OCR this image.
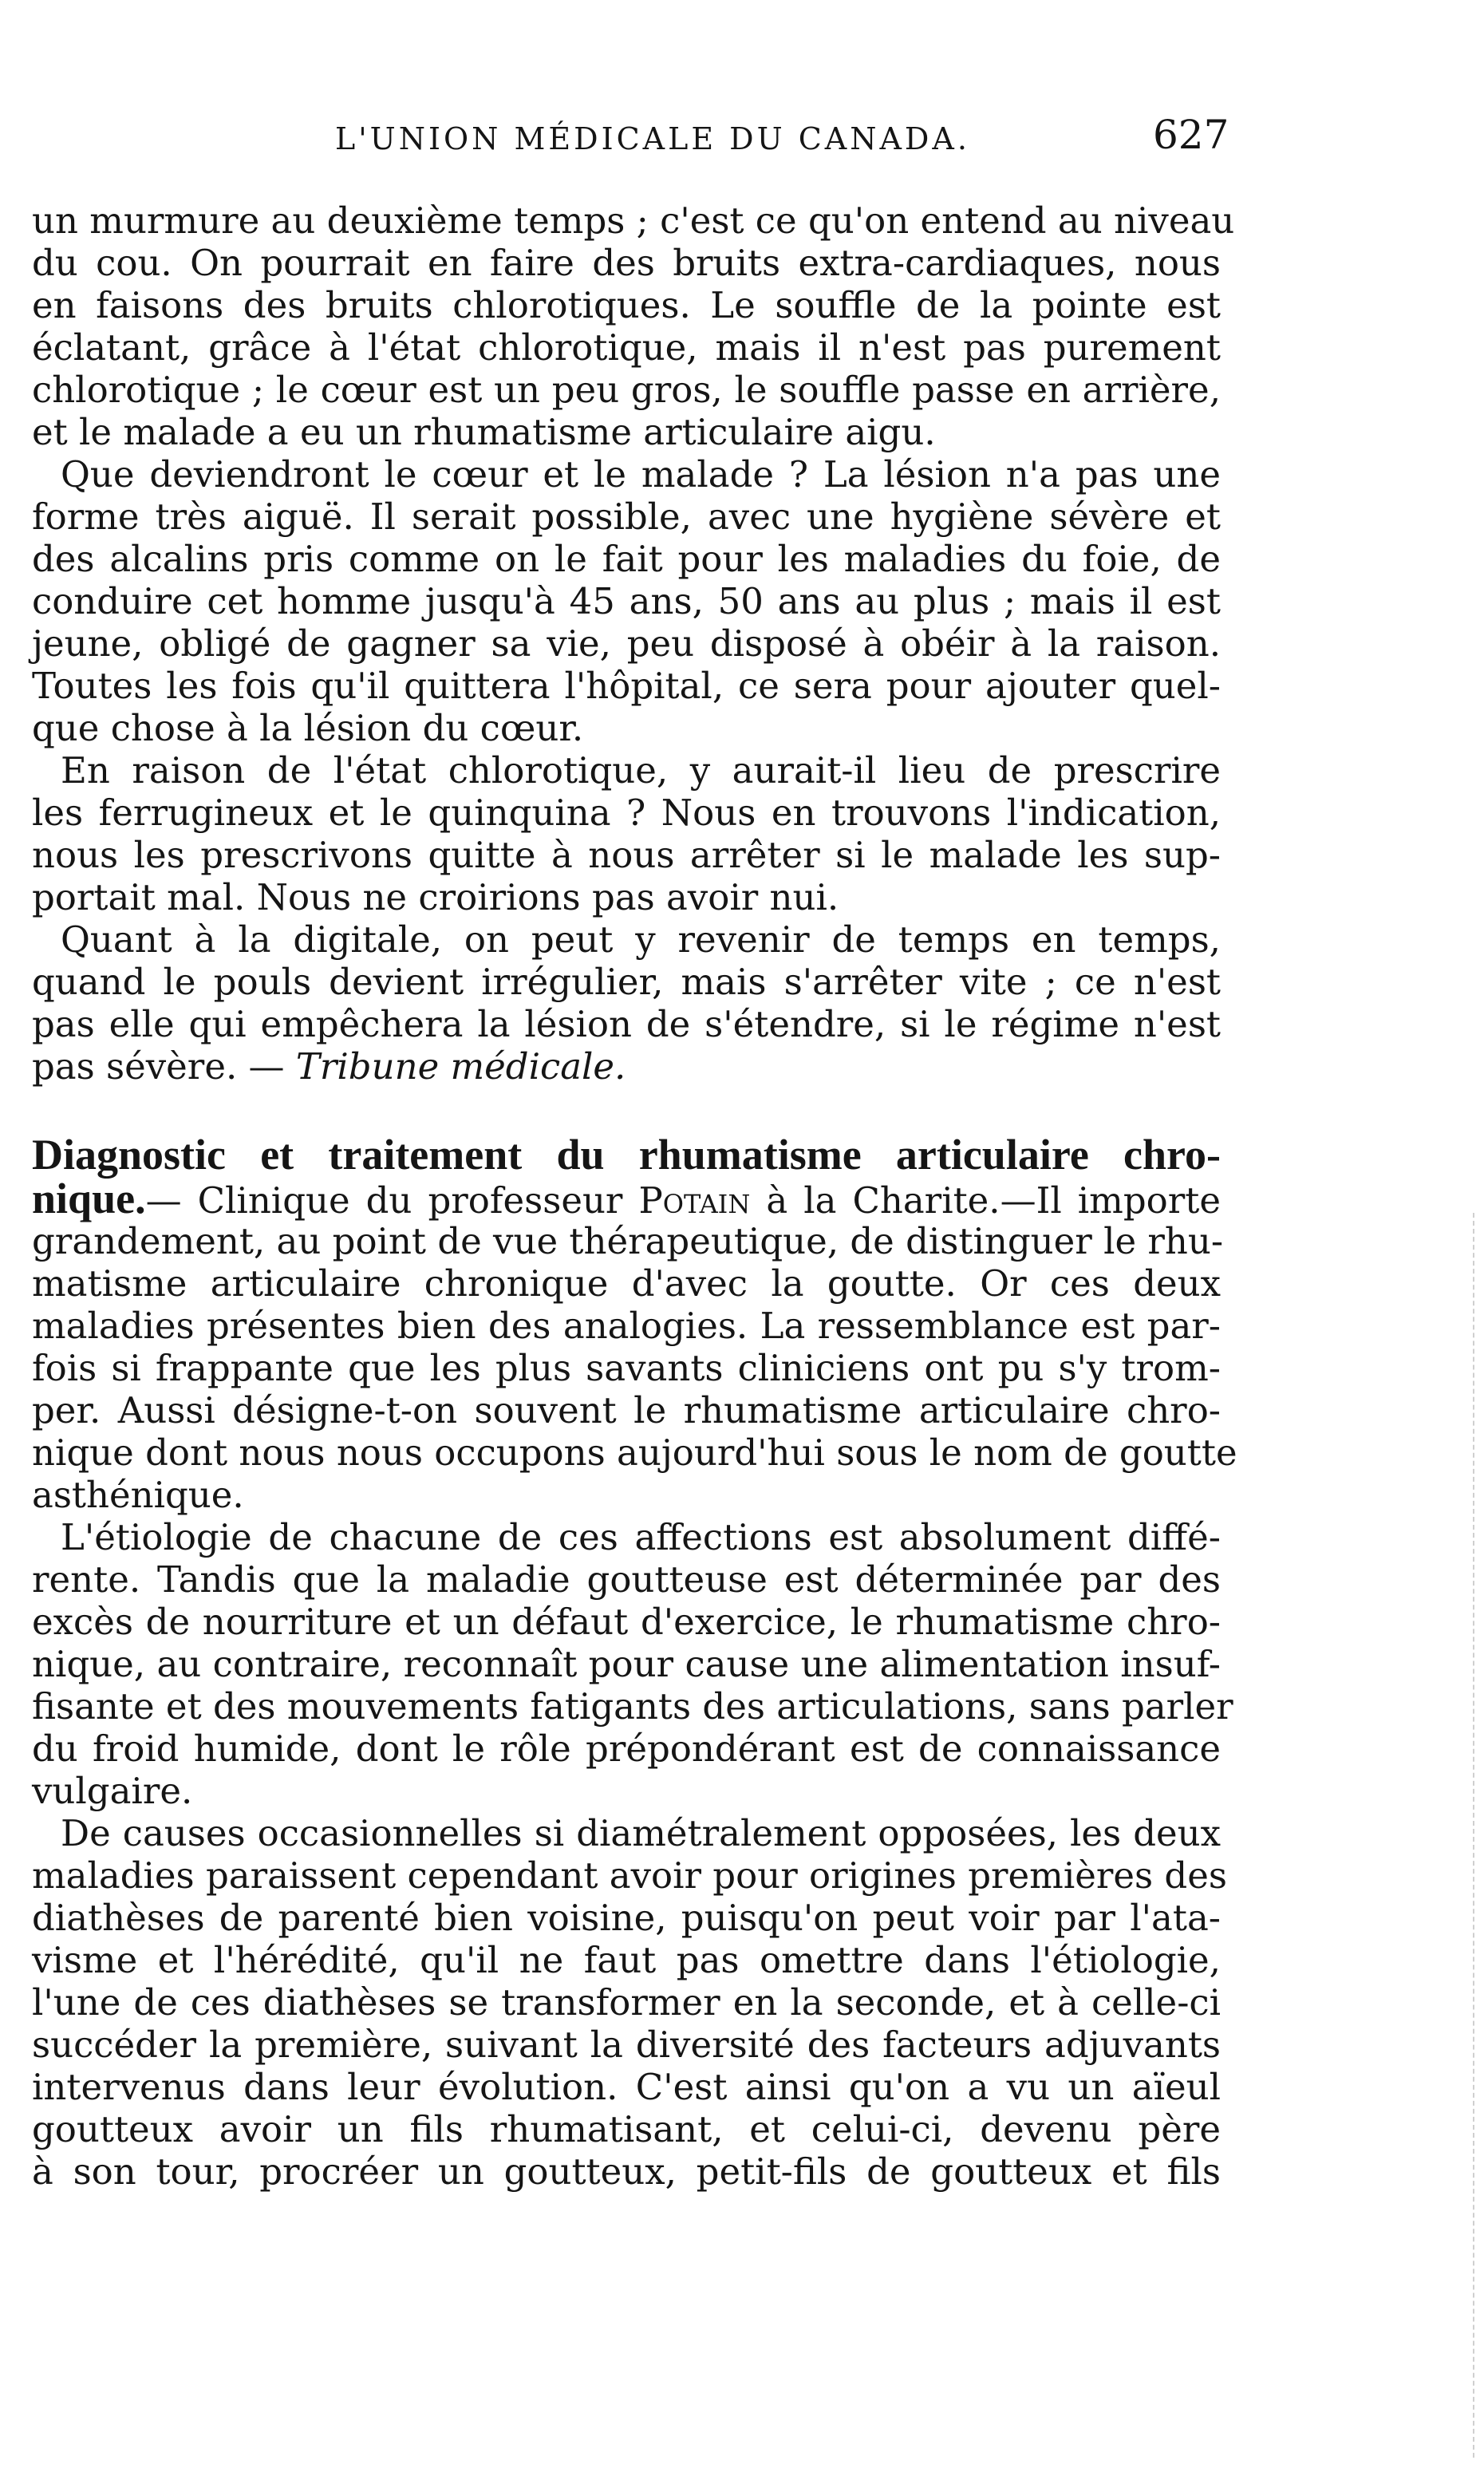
L'UNION MÉDICALE DU CANADA.	627
un murmure au deuxième temps ; c'est ce qu'on entend au niveau
du cou. On pourrait en faire des bruits extra-cardiaques, nous
en faisons des bruits chlorotiques. Le souffle de la pointe est
éclatant, grâce à l'état chlorotique, mais il n'est pas purement
chlorotique ; le cœur est un peu gros, le souffle passe en arrière,
et le malade a eu un rhumatisme articulaire aigu.
Que deviendront le cœur et le malade ? La lésion n'a pas une
forme très aiguë. Il serait possible, avec une hygiène sévère et
des alcalins pris comme on le fait pour les maladies du foie, de
conduire cet homme jusqu'à 45 ans, 50 ans au plus ; mais il est
jeune, obligé de gagner sa vie, peu disposé à obéir à la raison.
Toutes les fois qu'il quittera l'hôpital, ce sera pour ajouter quel-
que chose à la lésion du cœur.
En raison de l'état chlorotique, y aurait-il lieu de prescrire
les ferrugineux et le quinquina ? Nous en trouvons l'indication,
nous les prescrivons quitte à nous arrêter si le malade les sup-
portait mal. Nous ne croirions pas avoir nui.
Quant à la digitale, on peut y revenir de temps en temps,
quand le pouls devient irrégulier, mais s'arrêter vite ; ce n'est
pas elle qui empêchera la lésion de s'étendre, si le régime n'est
pas sévère. — Tribune médicale.
Diagnostic et traitement du rhumatisme articulaire chro-
nique.— Clinique du professeur Potain à la Charite.—Il importe
grandement, au point de vue thérapeutique, de distinguer le rhu-
matisme articulaire chronique d'avec la goutte. Or ces deux
maladies présentes bien des analogies. La ressemblance est par-
fois si frappante que les plus savants cliniciens ont pu s'y trom-
per. Aussi désigne-t-on souvent le rhumatisme articulaire chro-
nique dont nous nous occupons aujourd'hui sous le nom de goutte
asthénique.
L'étiologie de chacune de ces affections est absolument diffé-
rente. Tandis que la maladie goutteuse est déterminée par des
excès de nourriture et un défaut d'exercice, le rhumatisme chro-
nique, au contraire, reconnaît pour cause une alimentation insuf-
fisante et des mouvements fatigants des articulations, sans parler
du froid humide, dont le rôle prépondérant est de connaissance
vulgaire.
De causes occasionnelles si diamétralement opposées, les deux
maladies paraissent cependant avoir pour origines premières des
diathèses de parenté bien voisine, puisqu'on peut voir par l'ata-
visme et l'hérédité, qu'il ne faut pas omettre dans l'étiologie,
l'une de ces diathèses se transformer en la seconde, et à celle-ci
succéder la première, suivant la diversité des facteurs adjuvants
intervenus dans leur évolution. C'est ainsi qu'on a vu un aïeul
goutteux avoir un fils rhumatisant, et celui-ci, devenu père
à son tour, procréer un goutteux, petit-fils de goutteux et fils
